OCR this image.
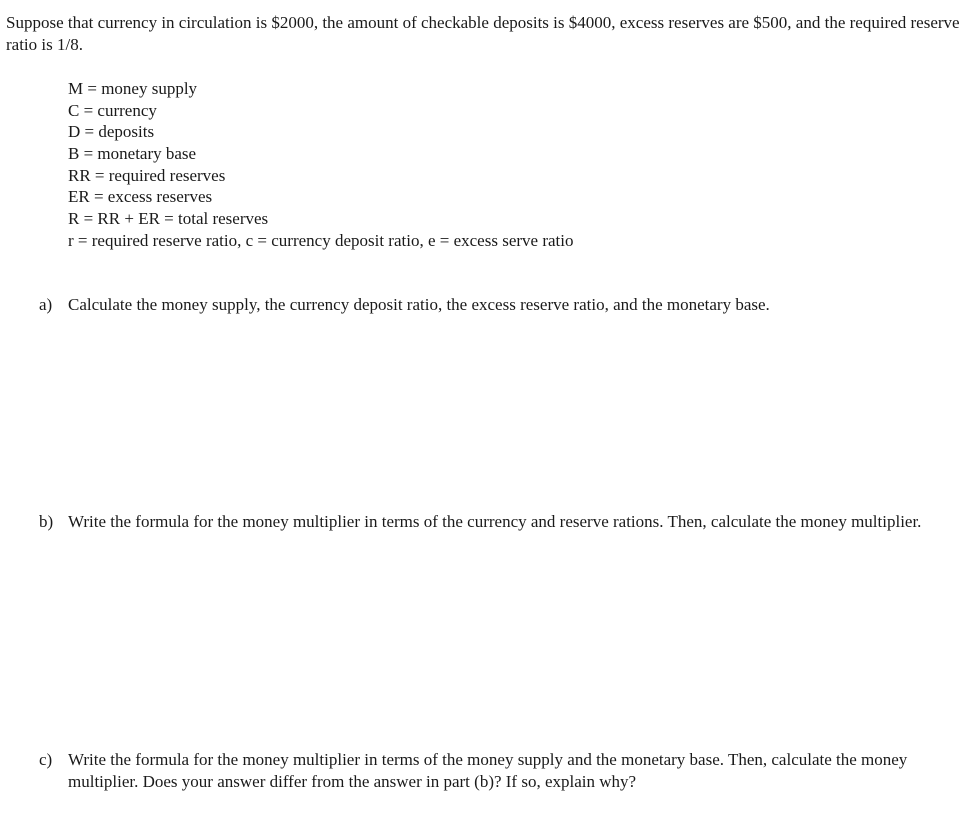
Suppose that currency in circulation is $2000, the amount of checkable deposits is $4000, excess reserves are $500, and the required reserve ratio is 1/8.
M = money supply
C = currency
D = deposits
B = monetary base
RR = required reserves
ER = excess reserves
R = RR + ER = total reserves
r = required reserve ratio, c = currency deposit ratio, e = excess serve ratio
a) Calculate the money supply, the currency deposit ratio, the excess reserve ratio, and the monetary base.
b) Write the formula for the money multiplier in terms of the currency and reserve rations. Then, calculate the money multiplier.
c) Write the formula for the money multiplier in terms of the money supply and the monetary base. Then, calculate the money multiplier. Does your answer differ from the answer in part (b)? If so, explain why?
